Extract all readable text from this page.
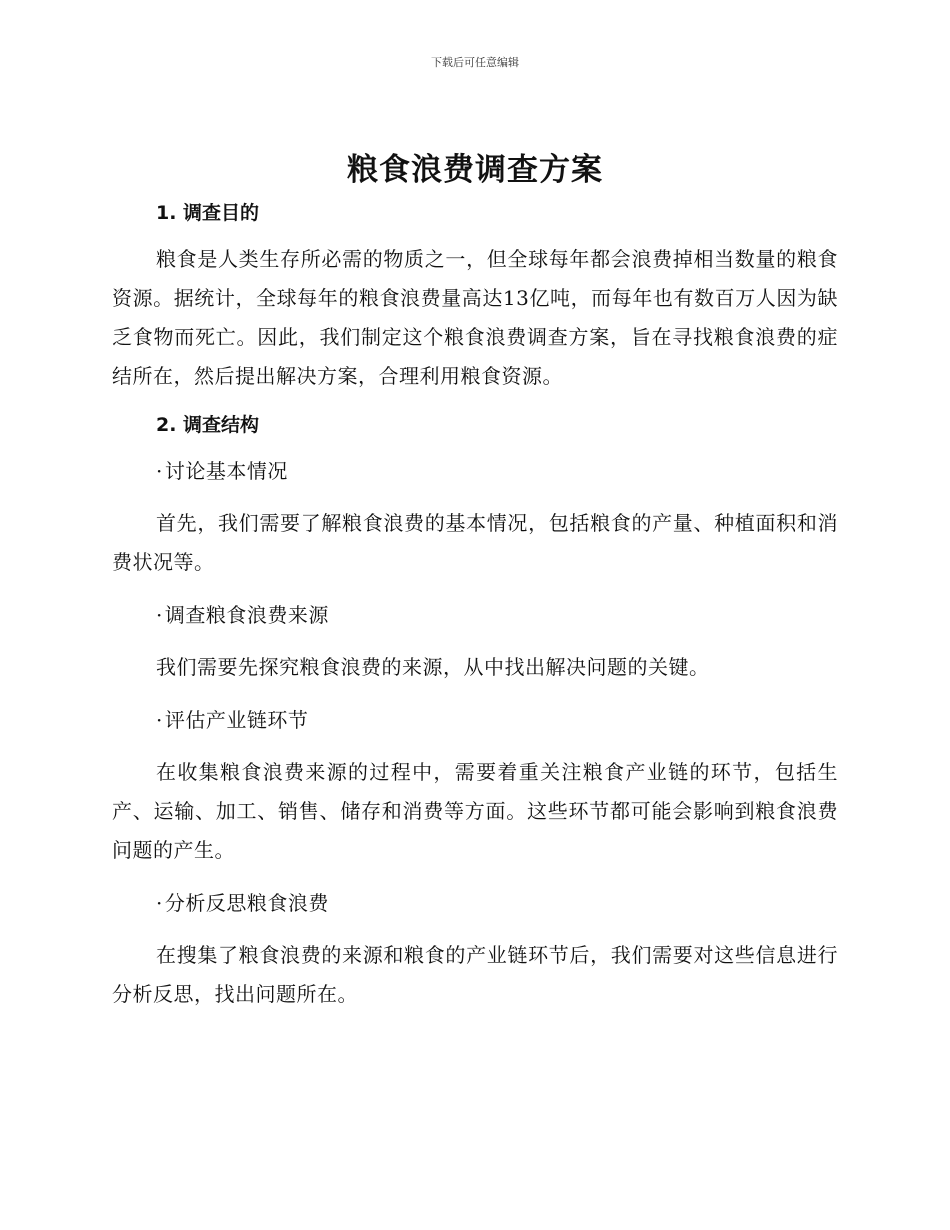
下载后可任意编辑
粮食浪费调查方案
1. 调查目的

粮食是人类生存所必需的物质之一，但全球每年都会浪费掉相当数量的粮食资源。据统计，全球每年的粮食浪费量高达13亿吨，而每年也有数百万人因为缺乏食物而死亡。因此，我们制定这个粮食浪费调查方案，旨在寻找粮食浪费的症结所在，然后提出解决方案，合理利用粮食资源。

2. 调查结构
· 讨论基本情况

首先，我们需要了解粮食浪费的基本情况，包括粮食的产量、种植面积和消费状况等。

· 调查粮食浪费来源

我们需要先探究粮食浪费的来源，从中找出解决问题的关键。

· 评估产业链环节

在收集粮食浪费来源的过程中，需要着重关注粮食产业链的环节，包括生产、运输、加工、销售、储存和消费等方面。这些环节都可能会影响到粮食浪费问题的产生。

· 分析反思粮食浪费

在搜集了粮食浪费的来源和粮食的产业链环节后，我们需要对这些信息进行分析反思，找出问题所在。
